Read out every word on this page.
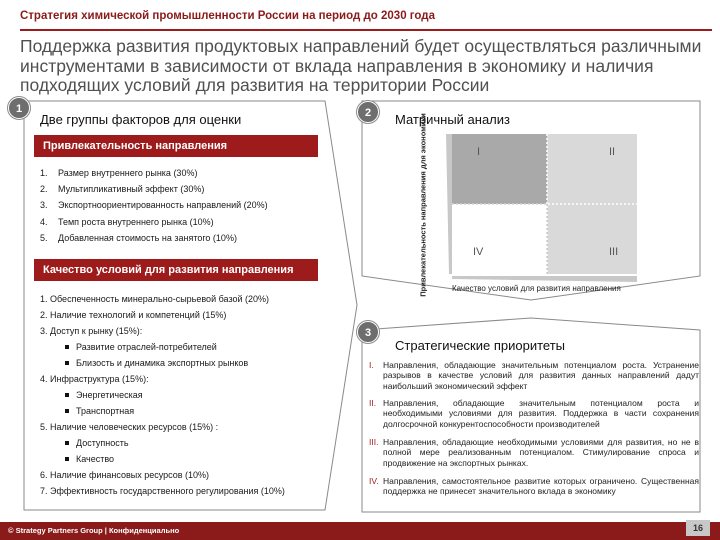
Стратегия химической промышленности России на период до 2030 года
Поддержка развития продуктовых направлений будет осуществляться различными инструментами в зависимости от вклада направления в экономику и наличия подходящих условий для развития на территории России
1	2
3
Две группы факторов для оценки
Привлекательность направления
1. Размер внутреннего рынка (30%)
2. Мультипликативный эффект (30%)
3. Экспортноориентированность направлений (20%)
4. Темп роста внутреннего рынка (10%)
5. Добавленная стоимость на занятого (10%)
Качество условий для развития направления
1. Обеспеченность минерально-сырьевой базой (20%)
2. Наличие технологий и компетенций (15%)
3. Доступ к рынку (15%):
Развитие отраслей-потребителей
Близость и динамика экспортных рынков
4. Инфраструктура (15%):
Энергетическая
Транспортная
5. Наличие человеческих ресурсов (15%) :
Доступность
Качество
6. Наличие финансовых ресурсов (10%)
7. Эффективность государственного регулирования (10%)
Матричный анализ
Привлекательность направления для экономики	I	II
IV	III
Качество условий для развития направления
Стратегические приоритеты
I. Направления, обладающие значительным потенциалом роста. Устранение разрывов в качестве условий для развития данных направлений дадут наибольший экономический эффект
II. Направления, обладающие значительным потенциалом роста и необходимыми условиями для развития. Поддержка в части сохранения долгосрочной конкурентоспособности производителей
III. Направления, обладающие необходимыми условиями для развития, но не в полной мере реализованным потенциалом. Стимулирование спроса и продвижение на экспортных рынках.
IV. Направления, самостоятельное развитие которых ограничено. Существенная поддержка не принесет значительного вклада в экономику
© Strategy Partners Group | Конфиденциально	16
